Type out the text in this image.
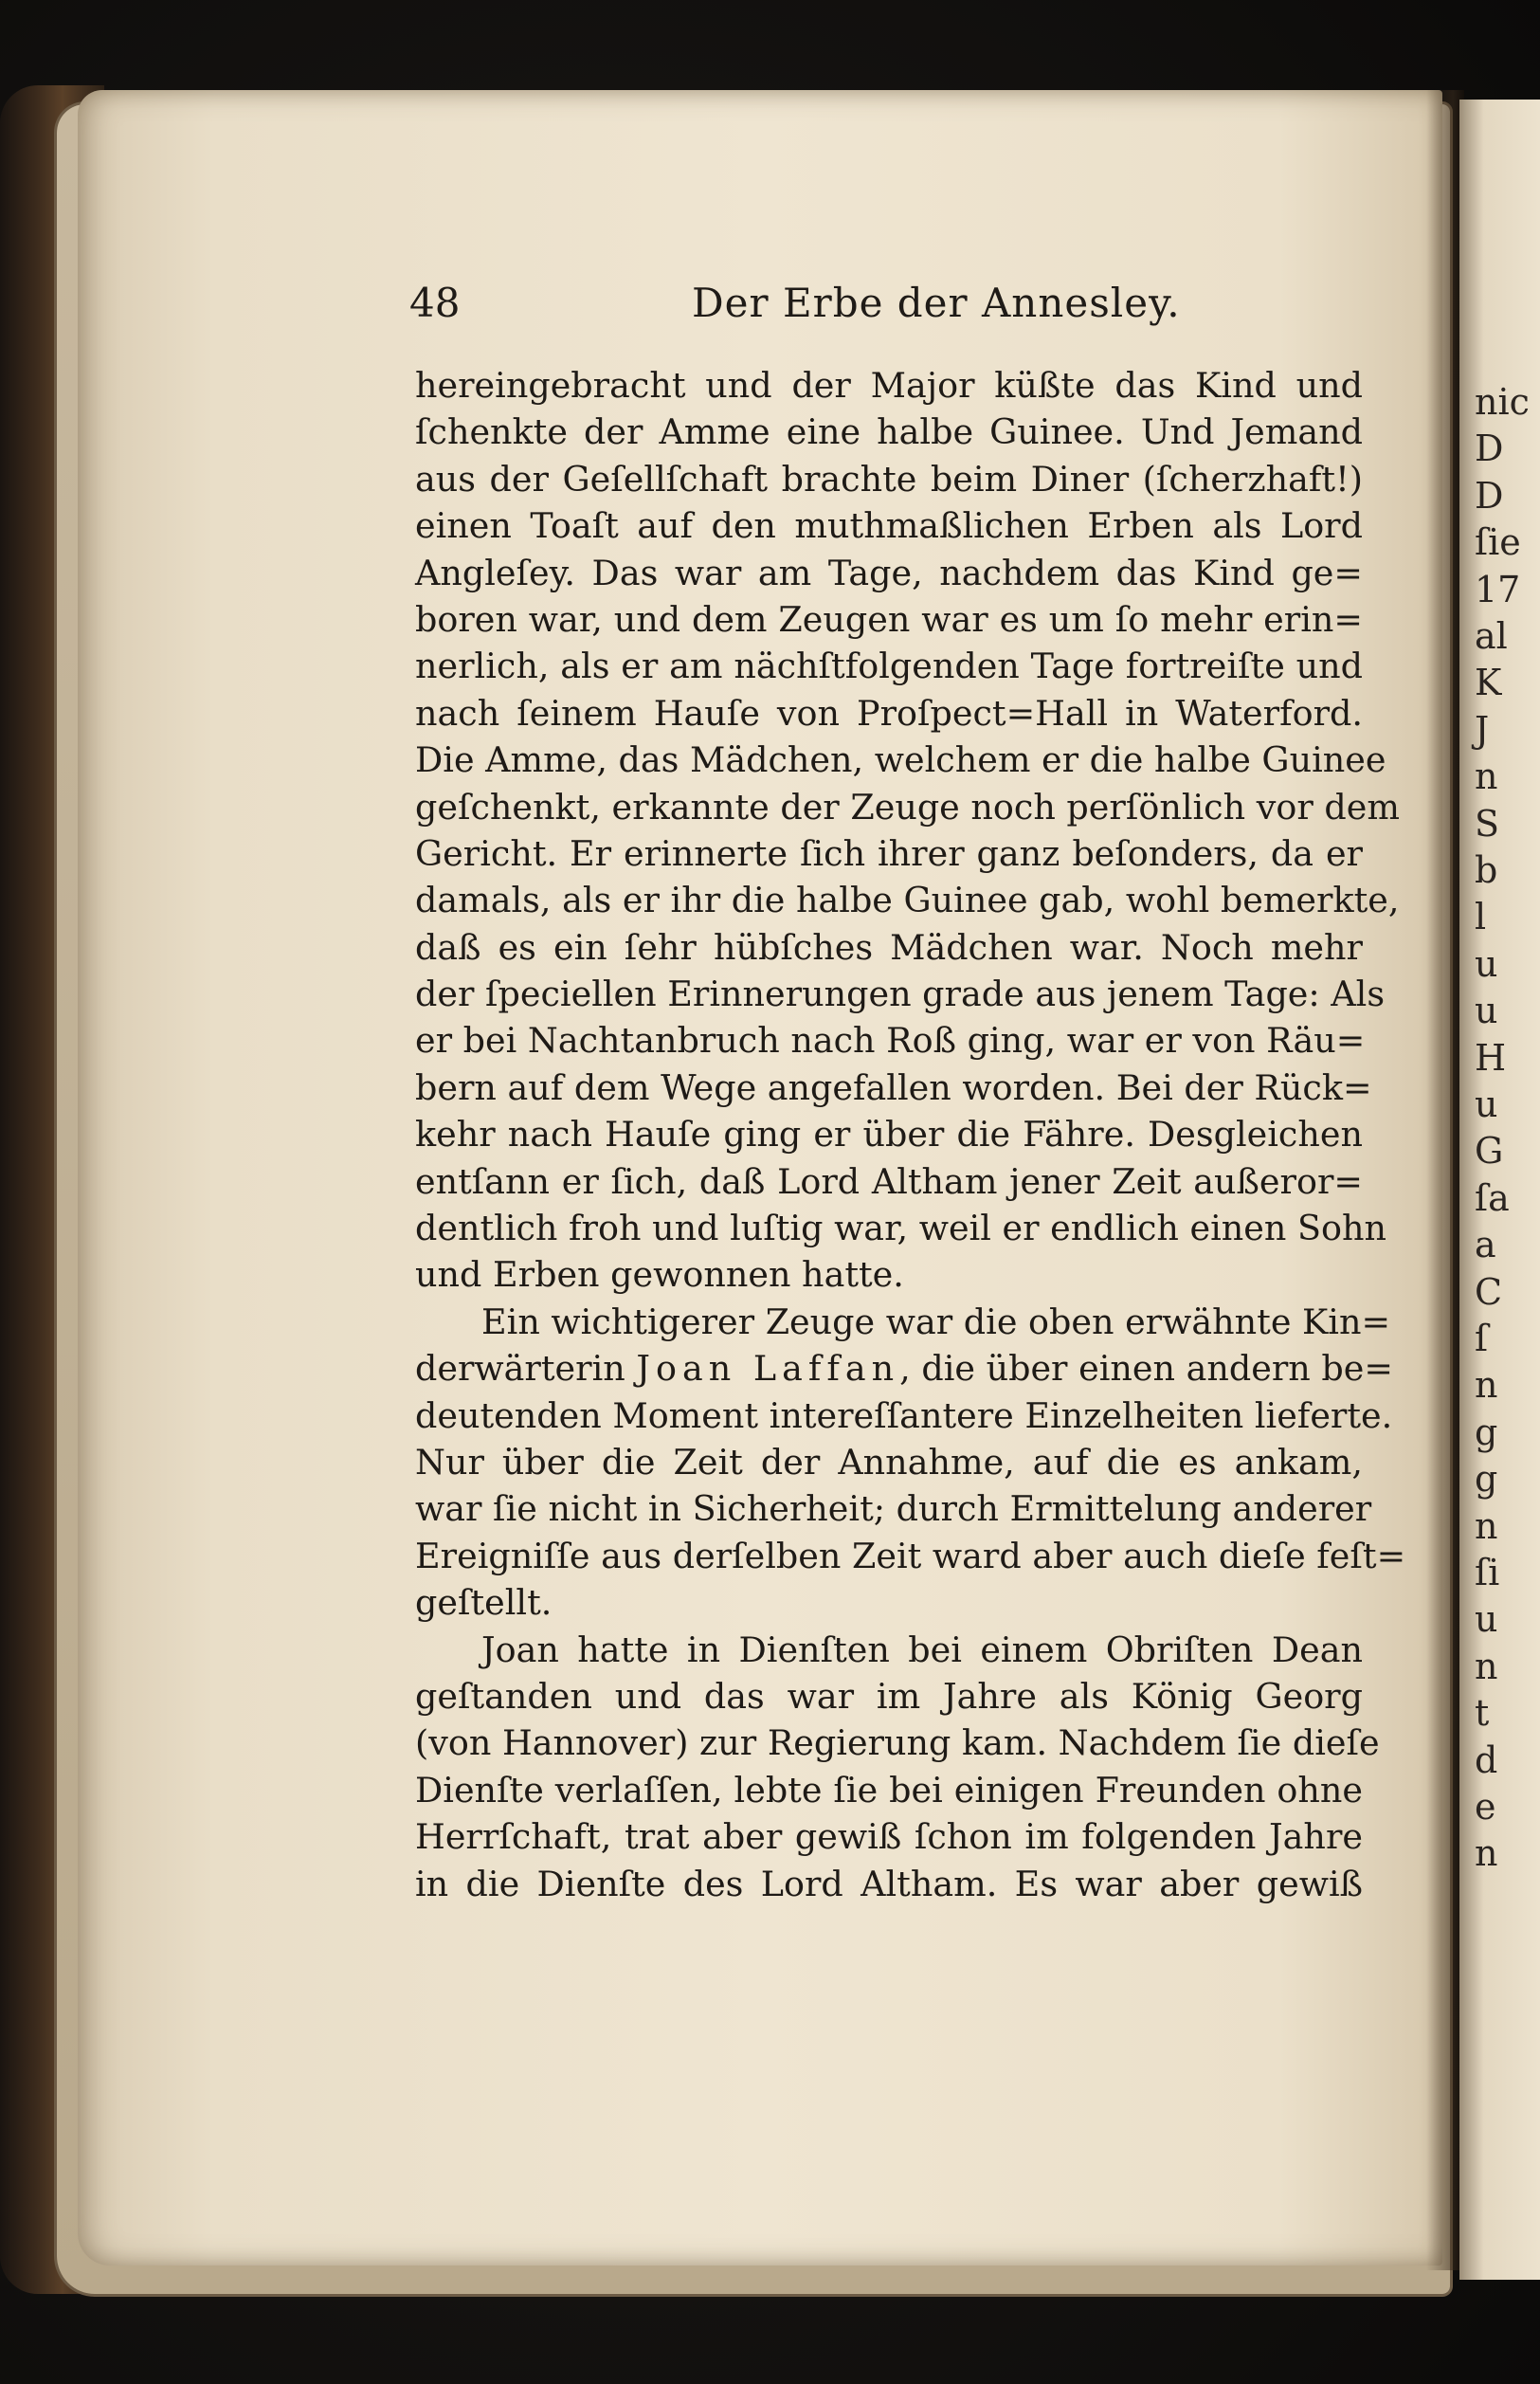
nic
D
D
ſie
17
al
K
J
n
S
b
l
u
u
H
u
G
ſa
a
C
ſ
n
g
g
n
ſi
u
n
t
d
e
n
48	Der Erbe der Annesley.
hereingebracht und der Major küßte das Kind und
ſchenkte der Amme eine halbe Guinee. Und Jemand
aus der Geſellſchaft brachte beim Diner (ſcherzhaft!)
einen Toaſt auf den muthmaßlichen Erben als Lord
Angleſey. Das war am Tage, nachdem das Kind ge=
boren war, und dem Zeugen war es um ſo mehr erin=
nerlich, als er am nächſtfolgenden Tage fortreiſte und
nach ſeinem Hauſe von Proſpect=Hall in Waterford.
Die Amme, das Mädchen, welchem er die halbe Guinee
geſchenkt, erkannte der Zeuge noch perſönlich vor dem
Gericht. Er erinnerte ſich ihrer ganz beſonders, da er
damals, als er ihr die halbe Guinee gab, wohl bemerkte,
daß es ein ſehr hübſches Mädchen war. Noch mehr
der ſpeciellen Erinnerungen grade aus jenem Tage: Als
er bei Nachtanbruch nach Roß ging, war er von Räu=
bern auf dem Wege angefallen worden. Bei der Rück=
kehr nach Hauſe ging er über die Fähre. Desgleichen
entſann er ſich, daß Lord Altham jener Zeit außeror=
dentlich froh und luſtig war, weil er endlich einen Sohn
und Erben gewonnen hatte.
Ein wichtigerer Zeuge war die oben erwähnte Kin=
derwärterin Joan Laffan, die über einen andern be=
deutenden Moment intereſſantere Einzelheiten lieferte.
Nur über die Zeit der Annahme, auf die es ankam,
war ſie nicht in Sicherheit; durch Ermittelung anderer
Ereigniſſe aus derſelben Zeit ward aber auch dieſe feſt=
geſtellt.
Joan hatte in Dienſten bei einem Obriſten Dean
geſtanden und das war im Jahre als König Georg
(von Hannover) zur Regierung kam. Nachdem ſie dieſe
Dienſte verlaſſen, lebte ſie bei einigen Freunden ohne
Herrſchaft, trat aber gewiß ſchon im folgenden Jahre
in die Dienſte des Lord Altham. Es war aber gewiß
